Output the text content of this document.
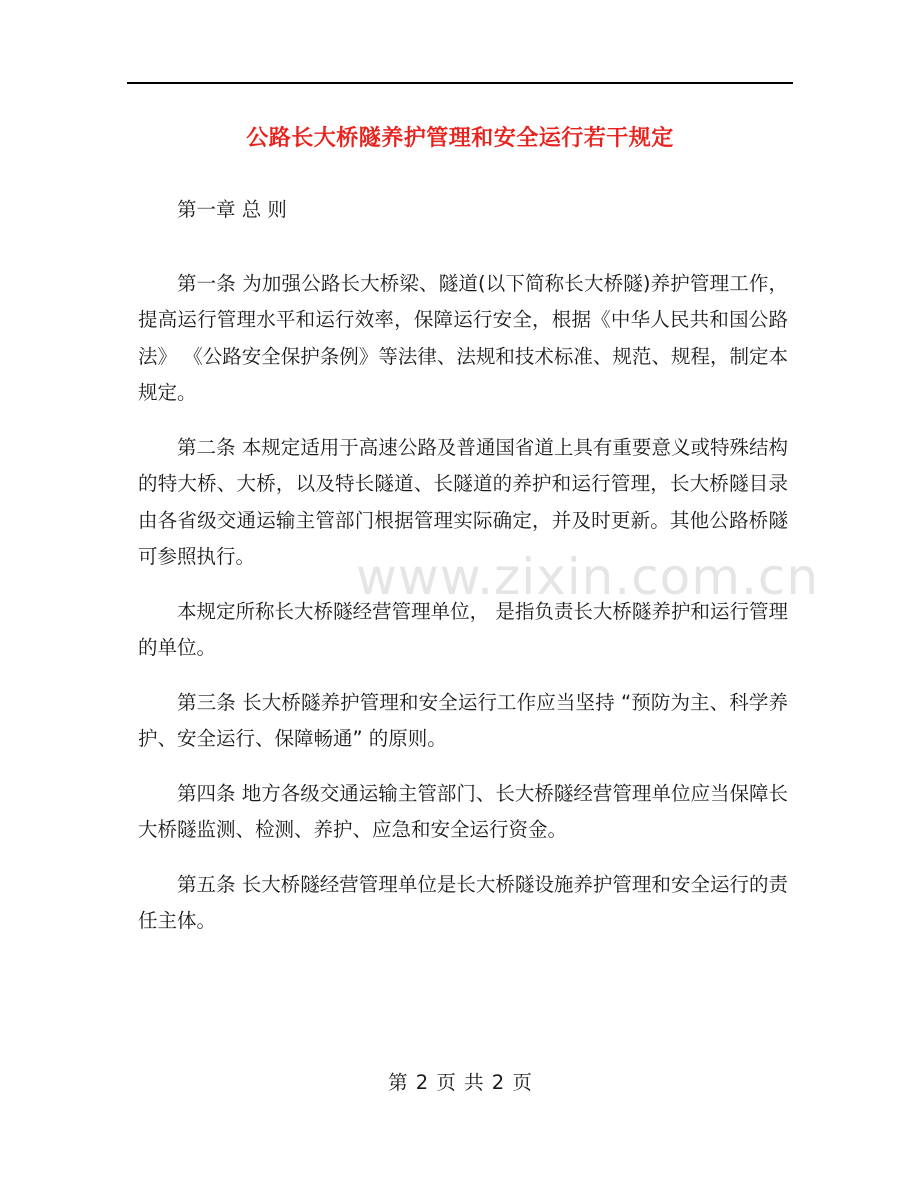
公路长大桥隧养护管理和安全运行若干规定

第一章 总 则

第一条 为加强公路长大桥梁、隧道(以下简称长大桥隧)养护管理工作，提高运行管理水平和运行效率，保障运行安全，根据《中华人民共和国公路法》 《公路安全保护条例》等法律、法规和技术标准、规范、规程，制定本规定。

第二条 本规定适用于高速公路及普通国省道上具有重要意义或特殊结构的特大桥、大桥，以及特长隧道、长隧道的养护和运行管理，长大桥隧目录由各省级交通运输主管部门根据管理实际确定，并及时更新。其他公路桥隧可参照执行。

本规定所称长大桥隧经营管理单位， 是指负责长大桥隧养护和运行管理的单位。

第三条 长大桥隧养护管理和安全运行工作应当坚持 “预防为主、科学养护、安全运行、保障畅通” 的原则。

第四条 地方各级交通运输主管部门、长大桥隧经营管理单位应当保障长大桥隧监测、检测、养护、应急和安全运行资金。

第五条 长大桥隧经营管理单位是长大桥隧设施养护管理和安全运行的责任主体。

www.zixin.com.cn
第 2 页 共 2 页
